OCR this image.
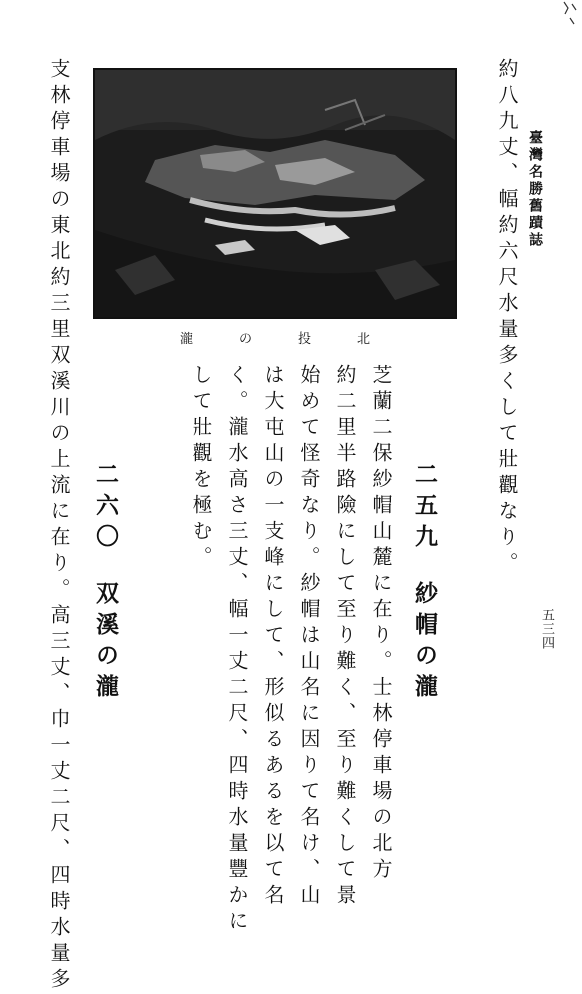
臺灣名勝舊蹟誌
五三四
約八九丈、幅約六尺水量多くして壯觀なり。
北
投
の
瀧
二五九紗帽の瀧
芝蘭二保紗帽山麓に在り。士林停車場の北方
約二里半路險にして至り難く、至り難くして景
始めて怪奇なり。紗帽は山名に因りて名け、山
は大屯山の一支峰にして、形似るあるを以て名
く。瀧水高さ三丈、幅一丈二尺、四時水量豐かに
して壯觀を極む。
二六〇双溪の瀧
支林停車場の東北約三里双溪川の上流に在り。高三丈、巾一丈二尺、四時水量多
